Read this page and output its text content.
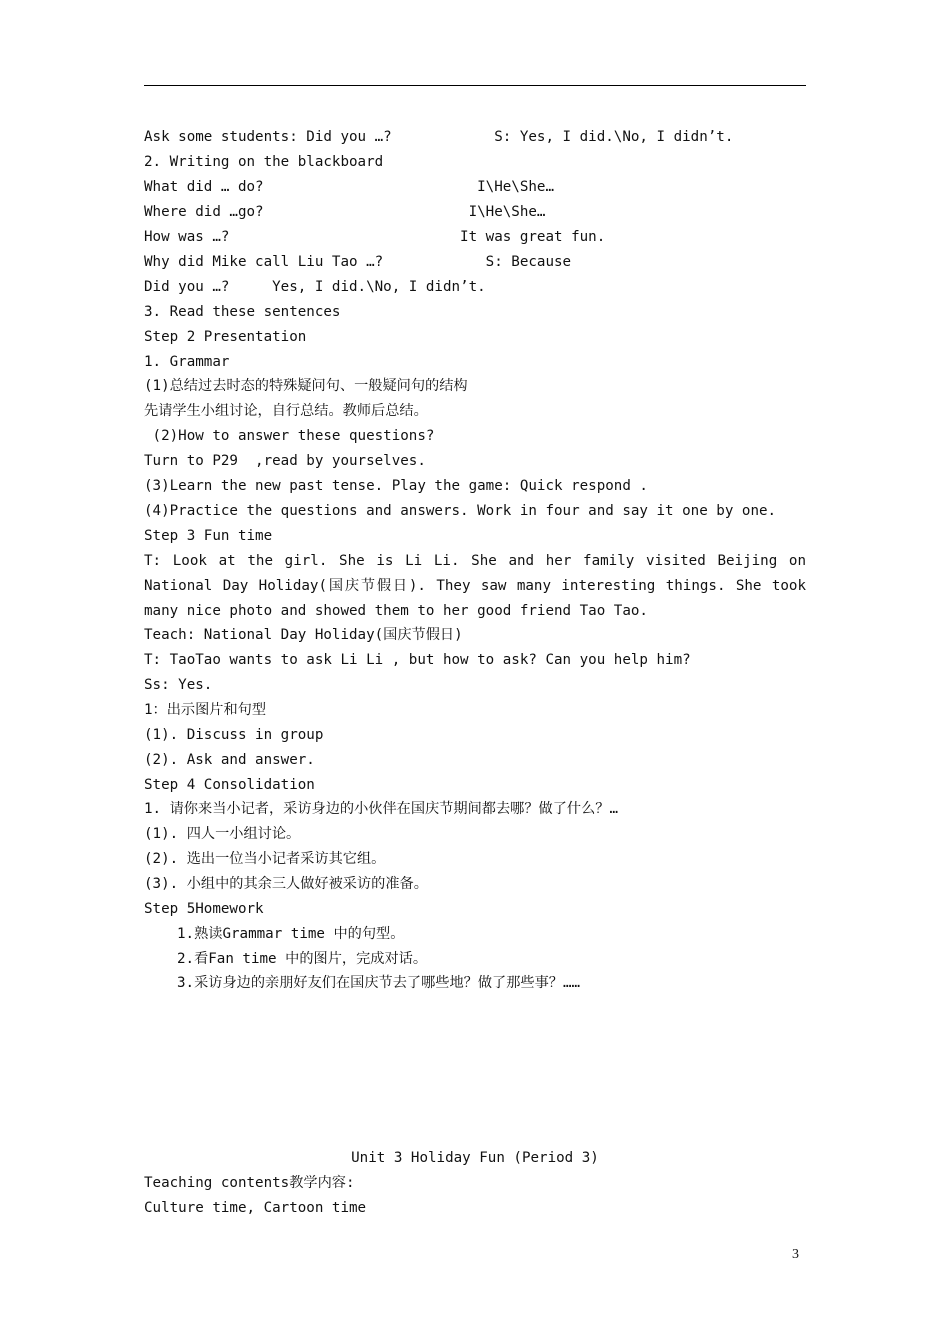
Ask some students: Did you …?            S: Yes, I did.\No, I didn’t.
2. Writing on the blackboard
What did … do?                         I\He\She…
Where did …go?                        I\He\She…
How was …?                           It was great fun.
Why did Mike call Liu Tao …?            S: Because
Did you …?     Yes, I did.\No, I didn’t.
3. Read these sentences
Step 2 Presentation
1. Grammar
(1)总结过去时态的特殊疑问句、一般疑问句的结构
先请学生小组讨论，自行总结。教师后总结。
(2)How to answer these questions?
Turn to P29  ,read by yourselves.
(3)Learn the new past tense. Play the game: Quick respond .
(4)Practice the questions and answers. Work in four and say it one by one.
Step 3 Fun time
T: Look at the girl. She is Li Li. She and her family visited Beijing on
National Day Holiday(国庆节假日). They saw many interesting things. She took
many nice photo and showed them to her good friend Tao Tao.
Teach: National Day Holiday(国庆节假日)
T: TaoTao wants to ask Li Li , but how to ask? Can you help him?
Ss: Yes.
1：出示图片和句型
(1). Discuss in group
(2). Ask and answer.
Step 4 Consolidation
1. 请你来当小记者，采访身边的小伙伴在国庆节期间都去哪？做了什么？…
(1). 四人一小组讨论。
(2). 选出一位当小记者采访其它组。
(3). 小组中的其余三人做好被采访的准备。
Step 5Homework
1.熟读Grammar time 中的句型。
2.看Fan time 中的图片，完成对话。
3.采访身边的亲朋好友们在国庆节去了哪些地？做了那些事？……
Unit 3 Holiday Fun (Period 3)
Teaching contents教学内容:
Culture time, Cartoon time
3
